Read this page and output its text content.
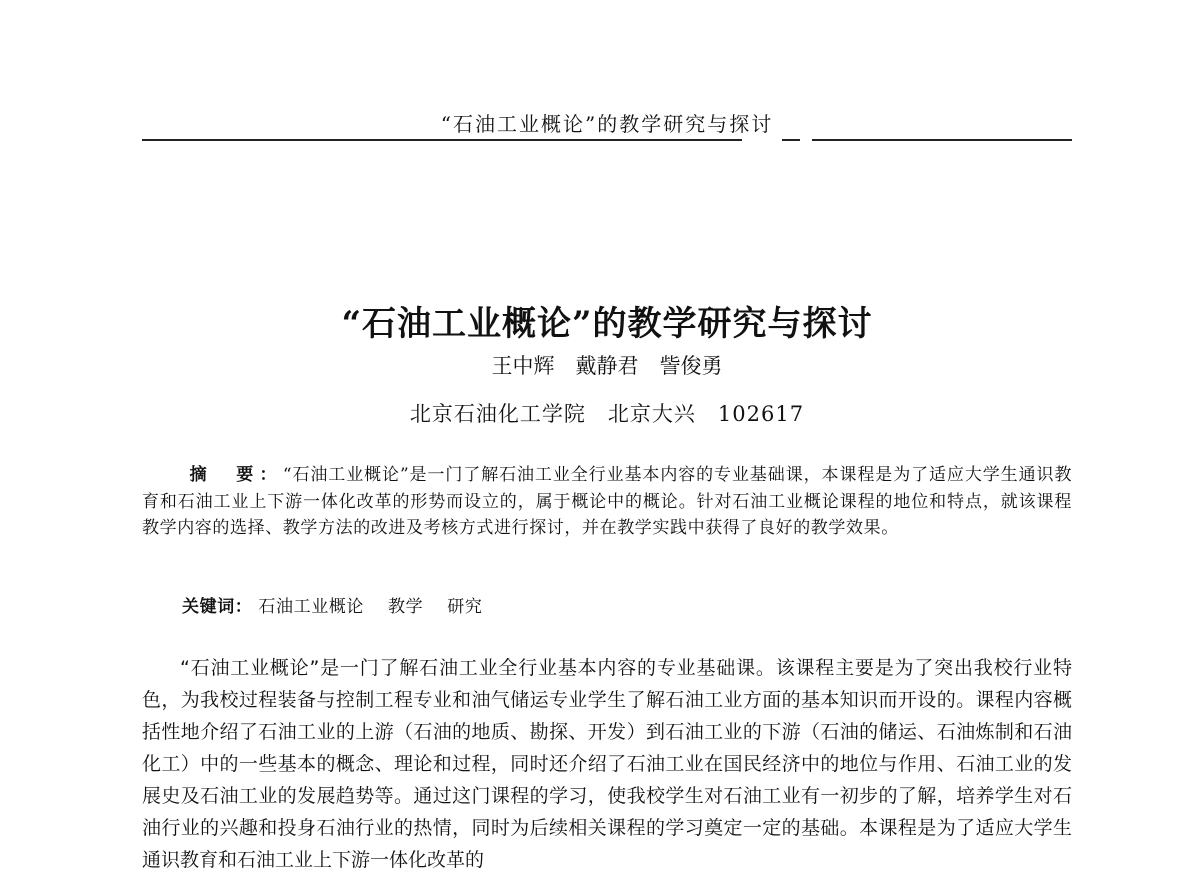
“石油工业概论”的教学研究与探讨
“石油工业概论”的教学研究与探讨
王中辉　戴静君　訾俊勇
北京石油化工学院　北京大兴　102617
摘　要：“石油工业概论”是一门了解石油工业全行业基本内容的专业基础课，本课程是为了适应大学生通识教育和石油工业上下游一体化改革的形势而设立的，属于概论中的概论。针对石油工业概论课程的地位和特点，就该课程教学内容的选择、教学方法的改进及考核方式进行探讨，并在教学实践中获得了良好的教学效果。
关键词： 石油工业概论 教学 研究
“石油工业概论”是一门了解石油工业全行业基本内容的专业基础课。该课程主要是为了突出我校行业特色，为我校过程装备与控制工程专业和油气储运专业学生了解石油工业方面的基本知识而开设的。课程内容概括性地介绍了石油工业的上游（石油的地质、勘探、开发）到石油工业的下游（石油的储运、石油炼制和石油化工）中的一些基本的概念、理论和过程，同时还介绍了石油工业在国民经济中的地位与作用、石油工业的发展史及石油工业的发展趋势等。通过这门课程的学习，使我校学生对石油工业有一初步的了解，培养学生对石油行业的兴趣和投身石油行业的热情，同时为后续相关课程的学习奠定一定的基础。本课程是为了适应大学生通识教育和石油工业上下游一体化改革的
